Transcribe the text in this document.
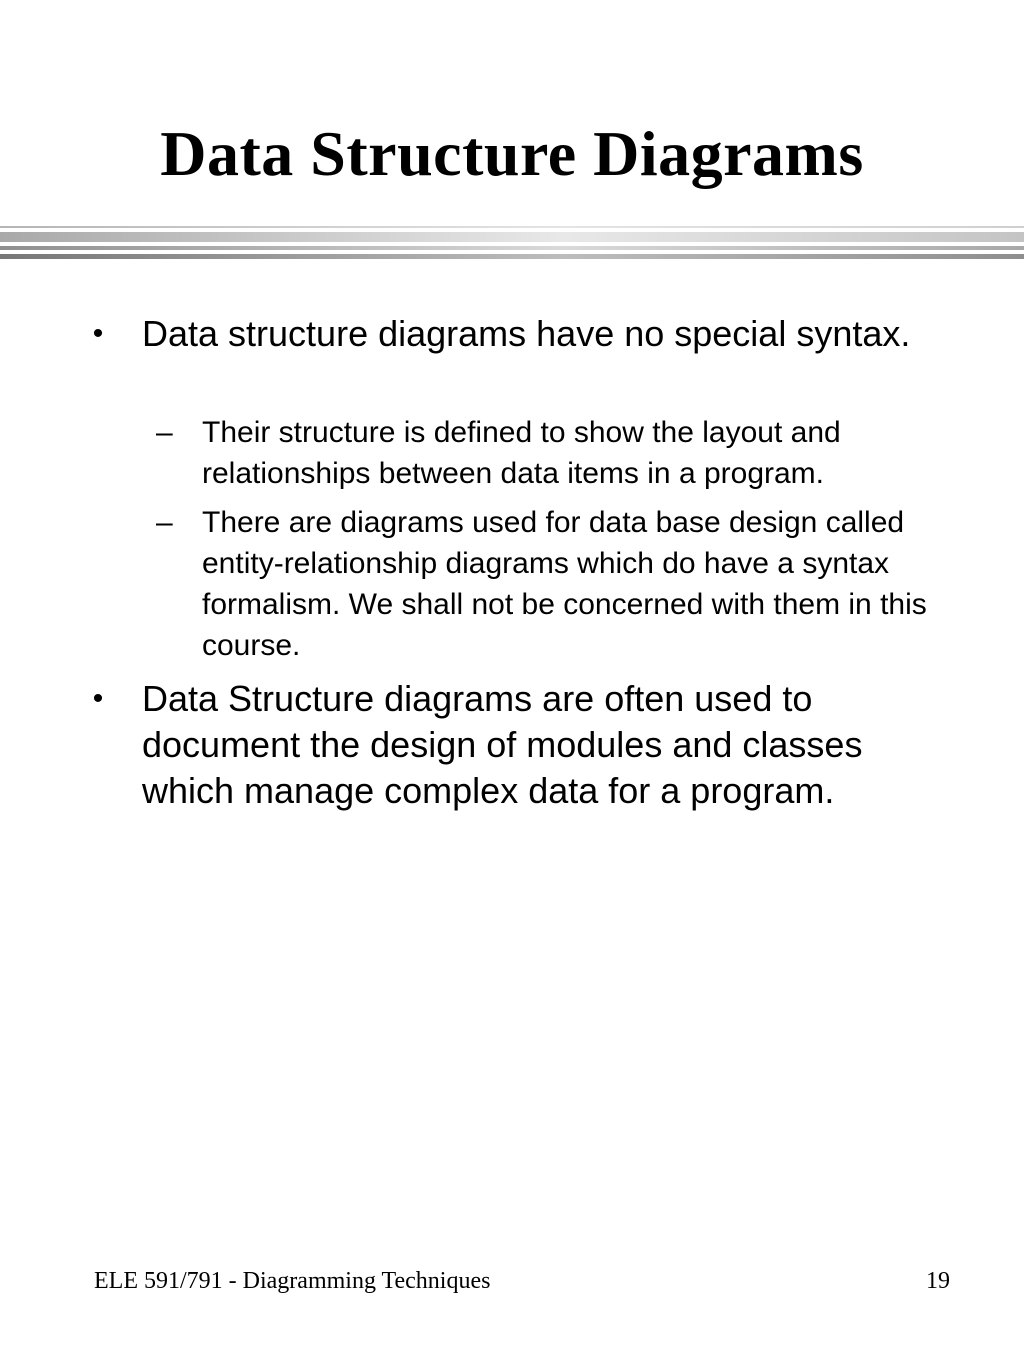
Data Structure Diagrams
• Data structure diagrams have no special syntax.
– Their structure is defined to show the layout and relationships between data items in a program.
– There are diagrams used for data base design called entity-relationship diagrams which do have a syntax formalism. We shall not be concerned with them in this course.
• Data Structure diagrams are often used to document the design of modules and classes which manage complex data for a program.
ELE 591/791 - Diagramming Techniques	19
